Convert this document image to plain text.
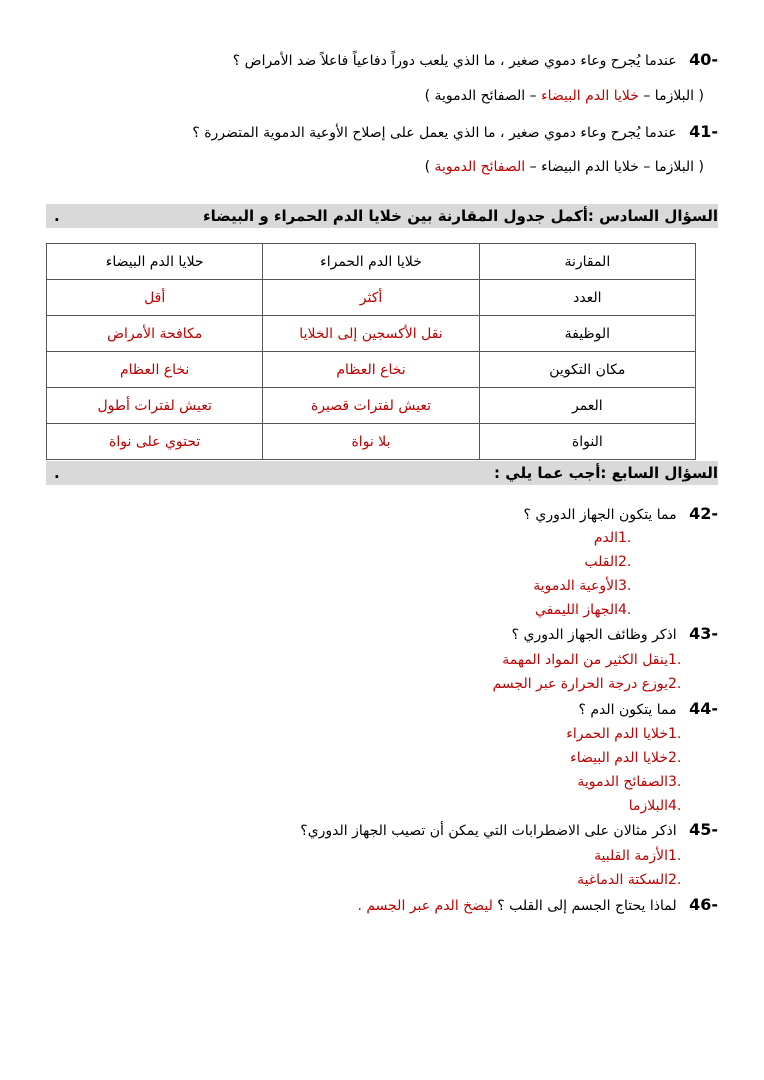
40- عندما يُجرح وعاء دموي صغير ، ما الذي يلعب دوراً دفاعياً فاعلاً ضد الأمراض ؟
( البلازما – خلايا الدم البيضاء – الصفائح الدموية )
41- عندما يُجرح وعاء دموي صغير ، ما الذي يعمل على إصلاح الأوعية الدموية المتضررة ؟
( البلازما – خلايا الدم البيضاء – الصفائح الدموية )
السؤال السادس :أكمل جدول المقارنة بين خلايا الدم الحمراء و البيضاء
.
المقارنة	خلايا الدم الحمراء	حلايا الدم البيضاء
العدد	أكثر	أقل
الوظيفة	نقل الأكسجين إلى الخلايا	مكافحة الأمراض
مكان التكوين	نخاع العظام	نخاع العظام
العمر	تعيش لفترات قصيرة	تعيش لفترات أطول
النواة	بلا نواة	تحتوي على نواة
السؤال السابع :أجب عما يلي :
.
42- مما يتكون الجهاز الدوري ؟
.1الدم
.2القلب
.3الأوعية الدموية
.4الجهاز الليمفي
43- اذكر وظائف الجهاز الدوري ؟
.1ينقل الكثير من المواد المهمة
.2يوزع درجة الحرارة عبر الجسم
44- مما يتكون الدم ؟
.1خلايا الدم الحمراء
.2خلايا الدم البيضاء
.3الصفائح الدموية
.4البلازما
45- اذكر مثالان على الاضطرابات التي يمكن أن تصيب الجهاز الدوري؟
.1الأزمة القلبية
.2السكتة الدماغية
46- لماذا يحتاج الجسم إلى القلب ؟ ليضخ الدم عبر الجسم .
